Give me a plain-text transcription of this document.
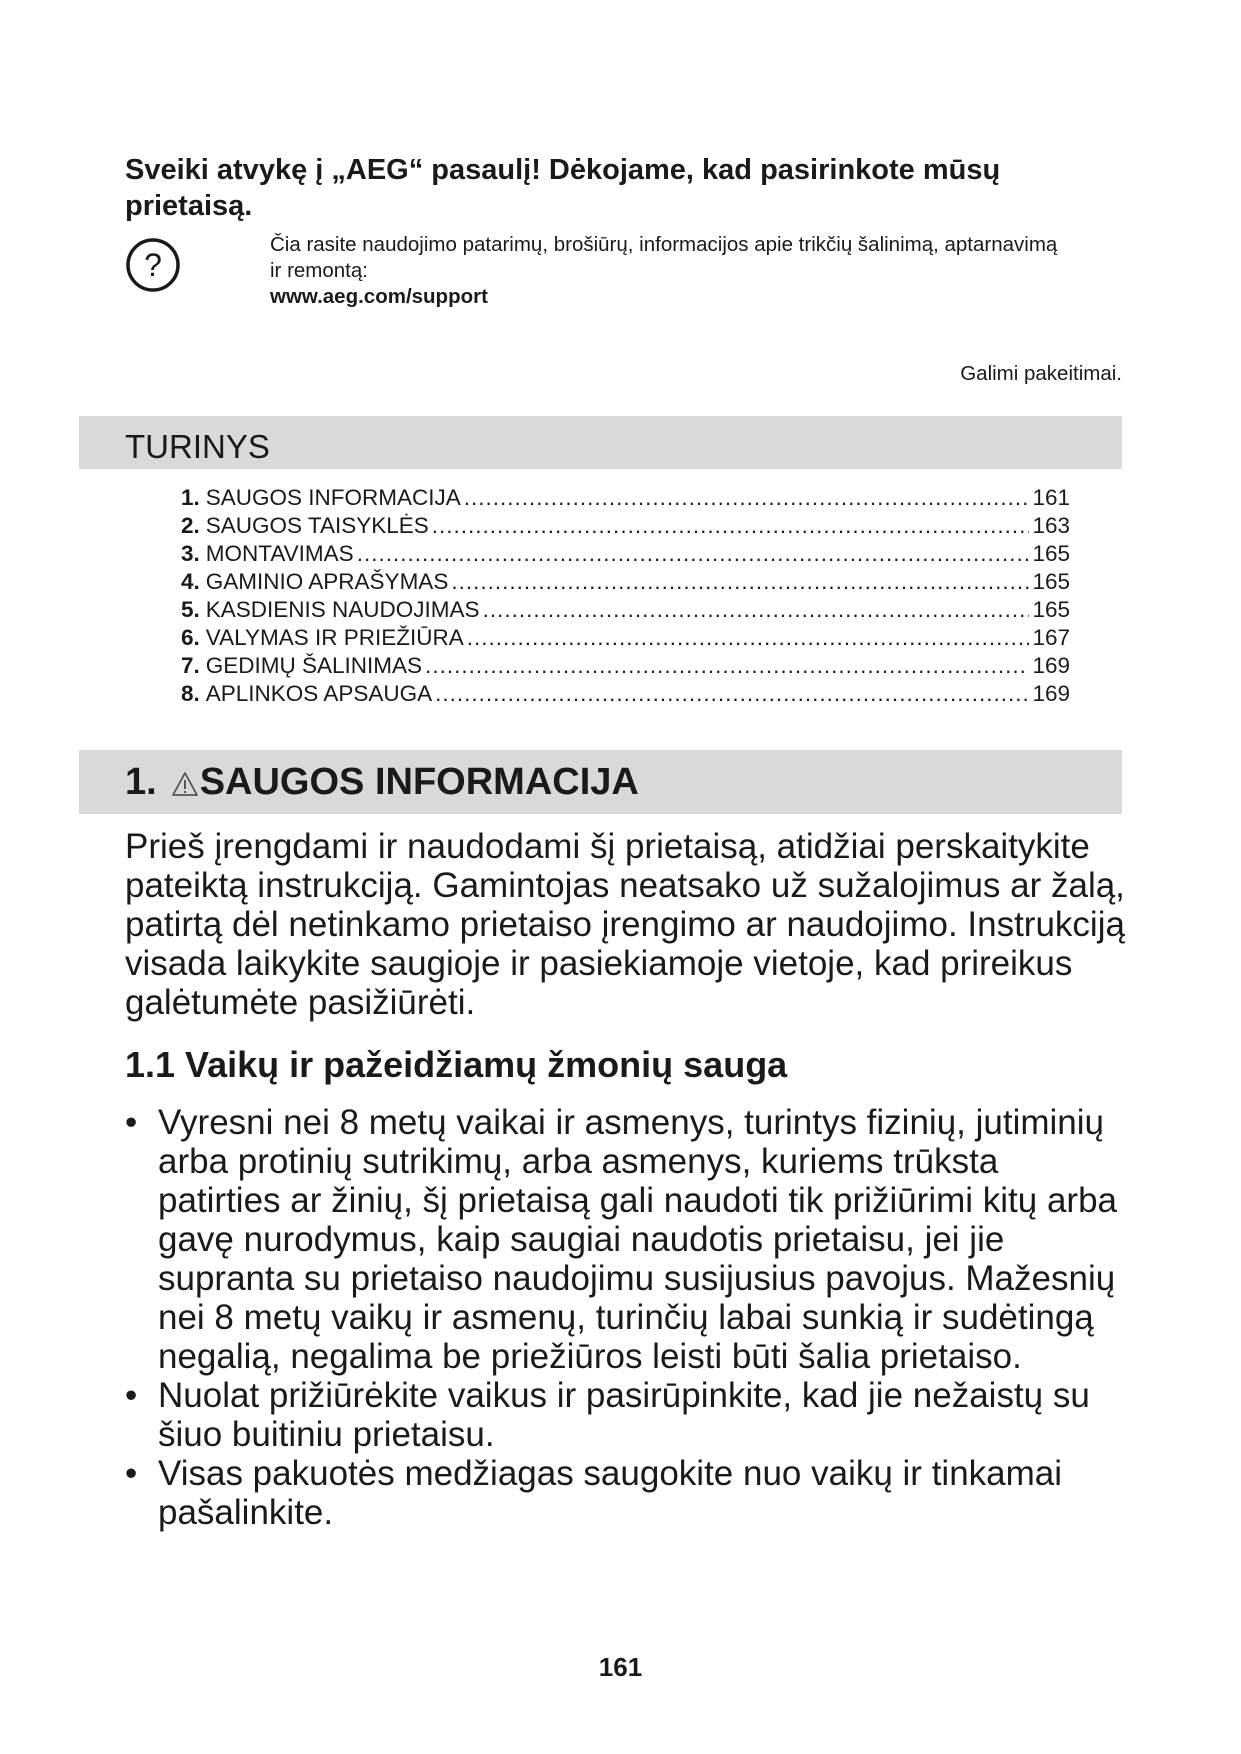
Sveiki atvykę į „AEG“ pasaulį! Dėkojame, kad pasirinkote mūsų prietaisą.
?
Čia rasite naudojimo patarimų, brošiūrų, informacijos apie trikčių šalinimą, aptarnavimą ir remontą:
www.aeg.com/support
Galimi pakeitimai.
TURINYS
1. SAUGOS INFORMACIJA .....	161
2. SAUGOS TAISYKLĖS .....	163
3. MONTAVIMAS .....	165
4. GAMINIO APRAŠYMAS .....	165
5. KASDIENIS NAUDOJIMAS .....	165
6. VALYMAS IR PRIEŽIŪRA .....	167
7. GEDIMŲ ŠALINIMAS .....	169
8. APLINKOS APSAUGA .....	169
1. SAUGOS INFORMACIJA

Prieš įrengdami ir naudodami šį prietaisą, atidžiai perskaitykite pateiktą instrukciją. Gamintojas neatsako už sužalojimus ar žalą, patirtą dėl netinkamo prietaiso įrengimo ar naudojimo. Instrukciją visada laikykite saugioje ir pasiekiamoje vietoje, kad prireikus galėtumėte pasižiūrėti.

1.1 Vaikų ir pažeidžiamų žmonių sauga
• Vyresni nei 8 metų vaikai ir asmenys, turintys fizinių, jutiminių arba protinių sutrikimų, arba asmenys, kuriems trūksta patirties ar žinių, šį prietaisą gali naudoti tik prižiūrimi kitų arba gavę nurodymus, kaip saugiai naudotis prietaisu, jei jie supranta su prietaiso naudojimu susijusius pavojus. Mažesnių nei 8 metų vaikų ir asmenų, turinčių labai sunkią ir sudėtingą negalią, negalima be priežiūros leisti būti šalia prietaiso.
• Nuolat prižiūrėkite vaikus ir pasirūpinkite, kad jie nežaistų su šiuo buitiniu prietaisu.
• Visas pakuotės medžiagas saugokite nuo vaikų ir tinkamai pašalinkite.
161
